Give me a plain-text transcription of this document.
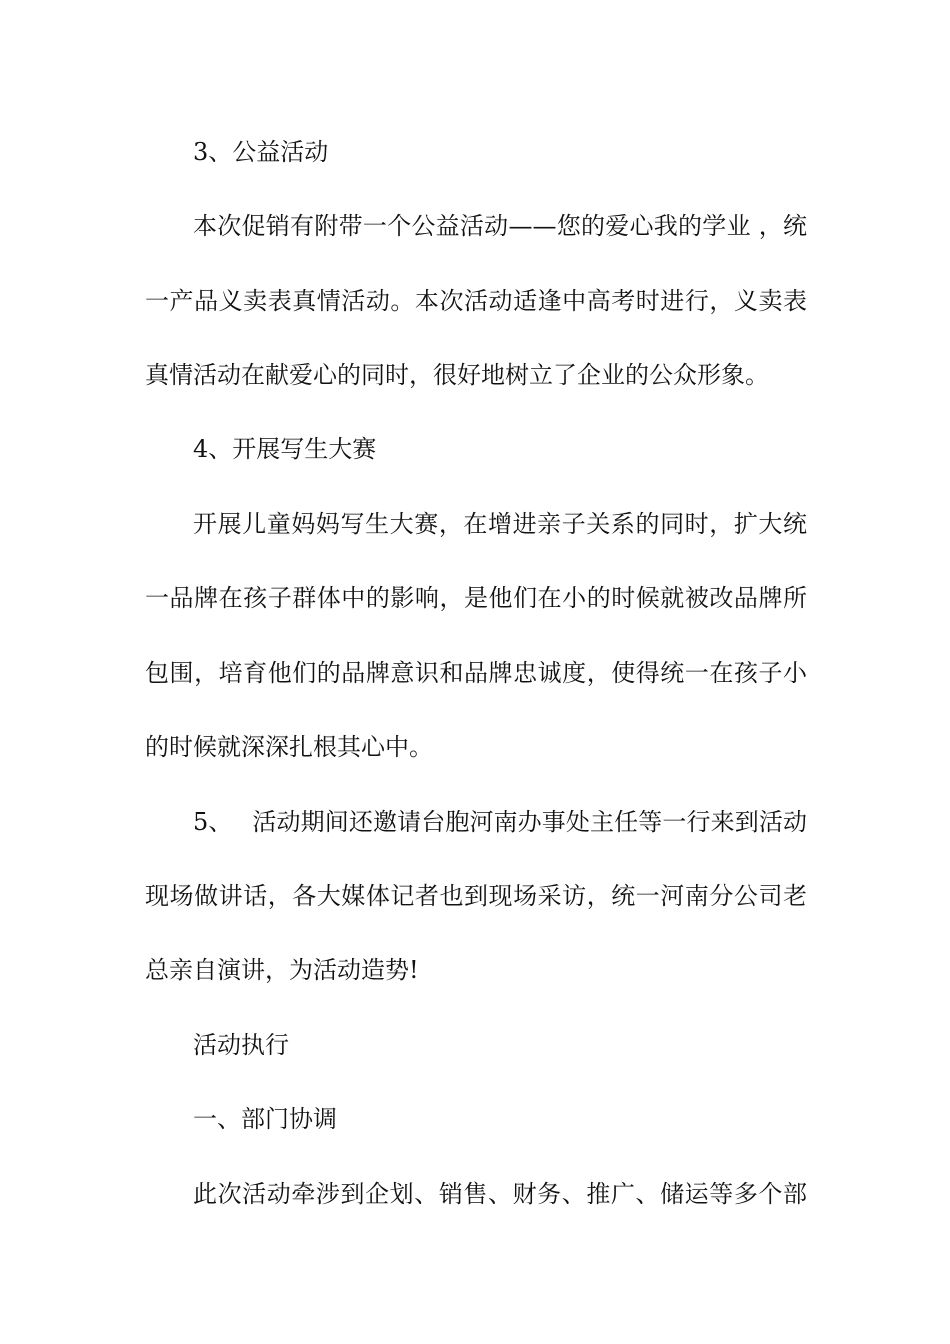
3、公益活动
本次促销有附带一个公益活动——您的爱心我的学业 ，统
一产品义卖表真情活动。本次活动适逢中高考时进行，义卖表
真情活动在献爱心的同时，很好地树立了企业的公众形象。
4、开展写生大赛
开展儿童妈妈写生大赛，在增进亲子关系的同时，扩大统
一品牌在孩子群体中的影响，是他们在小的时候就被改品牌所
包围，培育他们的品牌意识和品牌忠诚度，使得统一在孩子小
的时候就深深扎根其心中。
5、　 活动期间还邀请台胞河南办事处主任等一行来到活动
现场做讲话，各大媒体记者也到现场采访，统一河南分公司老
总亲自演讲，为活动造势!
活动执行
一、部门协调
此次活动牵涉到企划、销售、财务、推广、储运等多个部
